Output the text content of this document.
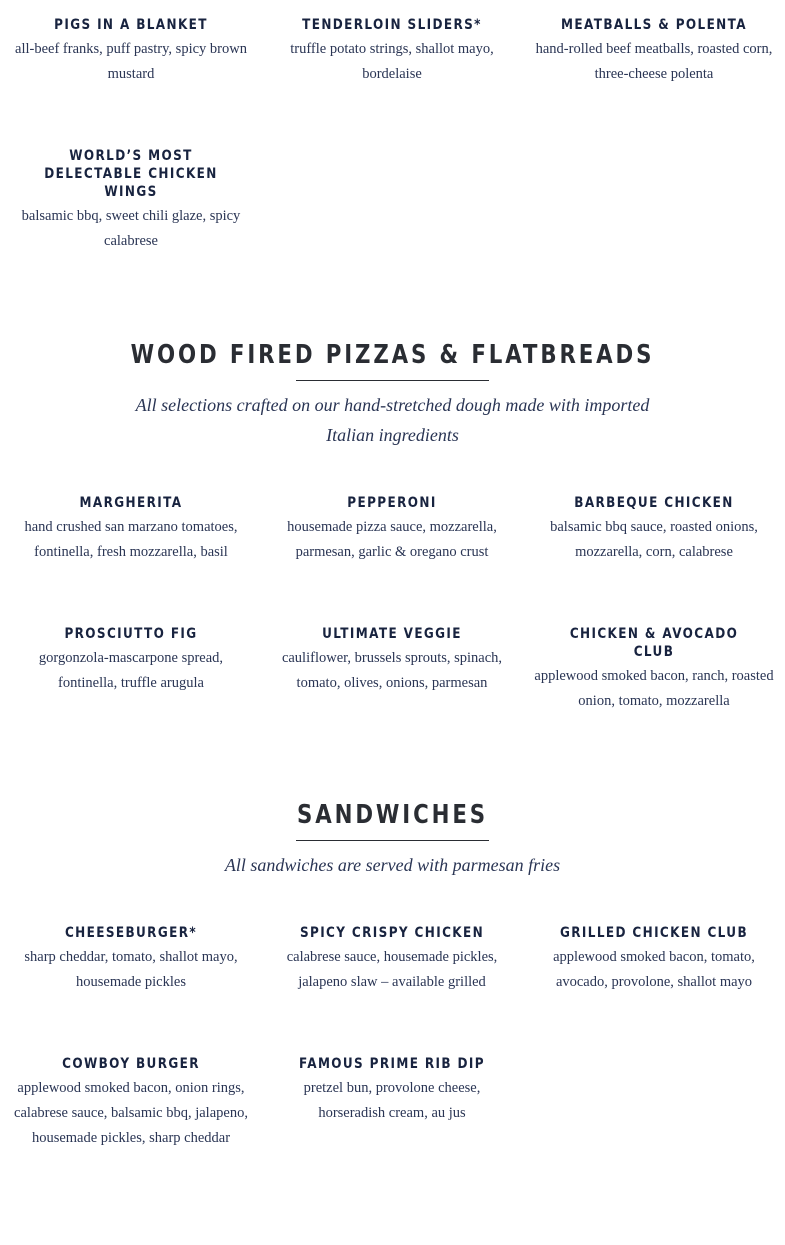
PIGS IN A BLANKET
all-beef franks, puff pastry, spicy brown mustard
TENDERLOIN SLIDERS*
truffle potato strings, shallot mayo, bordelaise
MEATBALLS & POLENTA
hand-rolled beef meatballs, roasted corn, three-cheese polenta
WORLD’S MOST DELECTABLE CHICKEN WINGS
balsamic bbq, sweet chili glaze, spicy calabrese
WOOD FIRED PIZZAS & FLATBREADS
All selections crafted on our hand-stretched dough made with imported Italian ingredients
MARGHERITA
hand crushed san marzano tomatoes, fontinella, fresh mozzarella, basil
PEPPERONI
housemade pizza sauce, mozzarella, parmesan, garlic & oregano crust
BARBEQUE CHICKEN
balsamic bbq sauce, roasted onions, mozzarella, corn, calabrese
PROSCIUTTO FIG
gorgonzola-mascarpone spread, fontinella, truffle arugula
ULTIMATE VEGGIE
cauliflower, brussels sprouts, spinach, tomato, olives, onions, parmesan
CHICKEN & AVOCADO CLUB
applewood smoked bacon, ranch, roasted onion, tomato, mozzarella
SANDWICHES
All sandwiches are served with parmesan fries
CHEESEBURGER*
sharp cheddar, tomato, shallot mayo, housemade pickles
SPICY CRISPY CHICKEN
calabrese sauce, housemade pickles, jalapeno slaw – available grilled
GRILLED CHICKEN CLUB
applewood smoked bacon, tomato, avocado, provolone, shallot mayo
COWBOY BURGER
applewood smoked bacon, onion rings, calabrese sauce, balsamic bbq, jalapeno, housemade pickles, sharp cheddar
FAMOUS PRIME RIB DIP
pretzel bun, provolone cheese, horseradish cream, au jus
